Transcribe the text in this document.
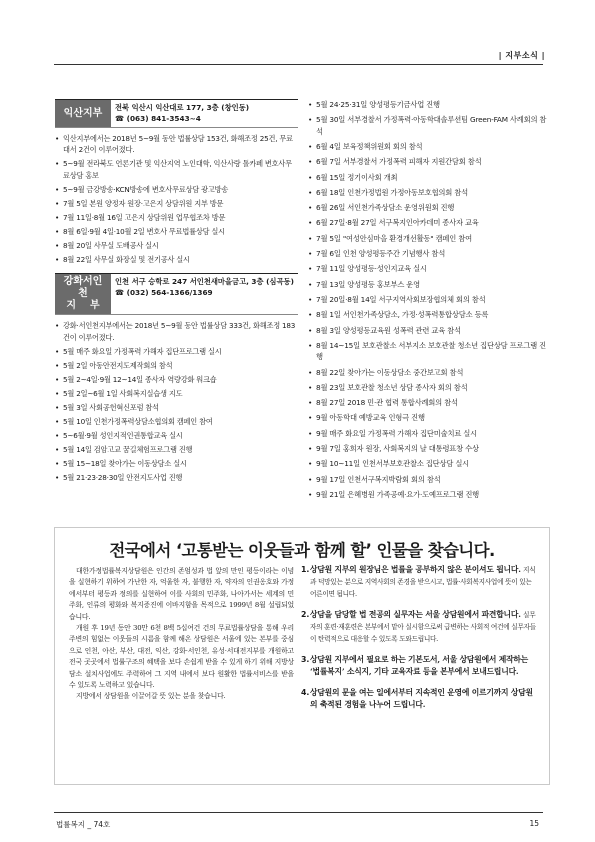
| 지부소식 |
익산지부	전북 익산시 익산대로 177, 3층 (창인동)
☎ (063) 841-3543~4
• 익산지부에서는 2018년 5~9월 동안 법률상담 153건, 화해조정 25건, 무료대서 2건이 이루어졌다.
• 5~9월 전라북도 언론기관 및 익산지역 노인대학, 익산사랑 톨카페 변호사무료상담 홍보
• 5~9월 금강방송·KCN방송에 변호사무료상담 광고방송
• 7월 5일 본원 양정자 원장·고은지 상담위원 지부 방문
• 7월 11일·8월 16일 고은지 상담위원 업무협조차 방문
• 8월 6일·9월 4일·10월 2일 변호사 무료법률상담 실시
• 8월 20일 사무실 도배공사 실시
• 8월 22일 사무실 화장실 및 전기공사 실시
강화서인천
지    부
인천 서구 승학로 247 서인천새마을금고, 3층 (심곡동)
☎ (032) 564-1366/1369
• 강화·서인천지부에서는 2018년 5~9월 동안 법률상담 333건, 화해조정 183건이 이루어졌다.
• 5월 매주 화요일 가정폭력 가해자 집단프로그램 실시
• 5월 2일 아동안전지도제작회의 참석
• 5월 2~4일·9월 12~14일 종사자 역량강화 워크숍
• 5월 2일~6월 1일 사회복지실습생 지도
• 5월 3일 사회공헌혁신포럼 참석
• 5월 10일 인천가정폭력상담소협의회 캠페인 참여
• 5~6월·9월 성인지적인권통합교육 실시
• 5월 14일 검암고교 꿈길체험프로그램 진행
• 5월 15~18일 찾아가는 이동상담소 실시
• 5월 21·23·28·30일 안전지도사업 진행
• 5월 24·25·31일 양성평등기금사업 진행
• 5월 30일 서부경찰서 가정폭력·아동학대솔루션팀 Green-FAM 사례회의 참석
• 6월 4일 보육정책위원회 회의 참석
• 6월 7일 서부경찰서 가정폭력 피해자 지원간담회 참석
• 6월 15일 정기이사회 개최
• 6월 18일 인천가정법원 가정아동보호협의회 참석
• 6월 26일 서인천가족상담소 운영위원회 진행
• 6월 27일·8월 27일 서구복지인아카데미 종사자 교육
• 7월 5일 "여성안심마을 환경개선활동" 캠페인 참여
• 7월 6일 인천 양성평등주간 기념행사 참석
• 7월 11일 양성평등·성인지교육 실시
• 7월 13일 양성평등 홍보부스 운영
• 7월 20일·8월 14일 서구지역사회보장협의체 회의 참석
• 8월 1일 서인천가족상담소, 가정·성폭력통합상담소 등록
• 8월 3일 양성평등교육원 성폭력 관련 교육 참석
• 8월 14~15일 보호관찰소 서부지소 보호관찰 청소년 집단상담 프로그램 진행
• 8월 22일 찾아가는 이동상담소 중간보고회 참석
• 8월 23일 보호관찰 청소년 상담 종사자 회의 참석
• 8월 27일 2018 민·관 협력 통합사례회의 참석
• 9월 아동학대 예방교육 인형극 진행
• 9월 매주 화요일 가정폭력 가해자 집단미술치료 실시
• 9월 7일 홍희자 원장, 사회복지의 날 대통령표창 수상
• 9월 10~11일 인천서부보호관찰소 집단상담 실시
• 9월 17일 인천서구복지박람회 회의 참석
• 9월 21일 은혜병원 가족공예·요가·도예프로그램 진행
전국에서 ‘고통받는 이웃들과 함께 할’ 인물을 찾습니다.

대한가정법률복지상담원은 인간의 존엄성과 법 앞의 만인 평등이라는 이념을 실현하기 위하여 가난한 자, 억울한 자, 불행한 자, 약자의 인권옹호와 가정에서부터 평등과 정의를 실현하여 이를 사회의 민주화, 나아가서는 세계의 민주화, 인류의 평화와 복지증진에 이바지함을 목적으로 1999년 8월 설립되었습니다.

개원 후 19년 동안 30만 6천 8백 5십여건 건의 무료법률상담을 통해 우리 주변의 힘없는 이웃들의 시름을 함께 해온 상담원은 서울에 있는 본부를 중심으로 인천, 아산, 부산, 대전, 익산, 강화·서인천, 유성·서대전지부를 개원하고 전국 곳곳에서 법률구조의 혜택을 보다 손쉽게 받을 수 있게 하기 위해 지방상담소 설치사업에도 주력하여 그 지역 내에서 보다 원활한 법률서비스를 받을 수 있도록 노력하고 있습니다.

지방에서 상담원을 이끌어갈 뜻 있는 분을 찾습니다.

1. 상담원 지부의 원장님은 법률을 공부하지 않은 분이셔도 됩니다. 지식과 덕망있는 분으로 지역사회의 존경을 받으시고, 법률·사회복지사업에 뜻이 있는 어른이면 됩니다.
2. 상담을 담당할 법 전공의 실무자는 서울 상담원에서 파견합니다. 실무자의 훈련·재훈련은 본부에서 맡아 실시함으로써 급변하는 사회적 여건에 실무자들이 탄력적으로 대응할 수 있도록 도와드립니다.
3. 상담원 지부에서 필요로 하는 기본도서, 서울 상담원에서 제작하는 ‘법률복지’ 소식지, 기타 교육자료 등을 본부에서 보내드립니다.
4. 상담원의 문을 여는 일에서부터 지속적인 운영에 이르기까지 상담원의 축적된 경험을 나누어 드립니다.
법률복지 _ 74호	15
